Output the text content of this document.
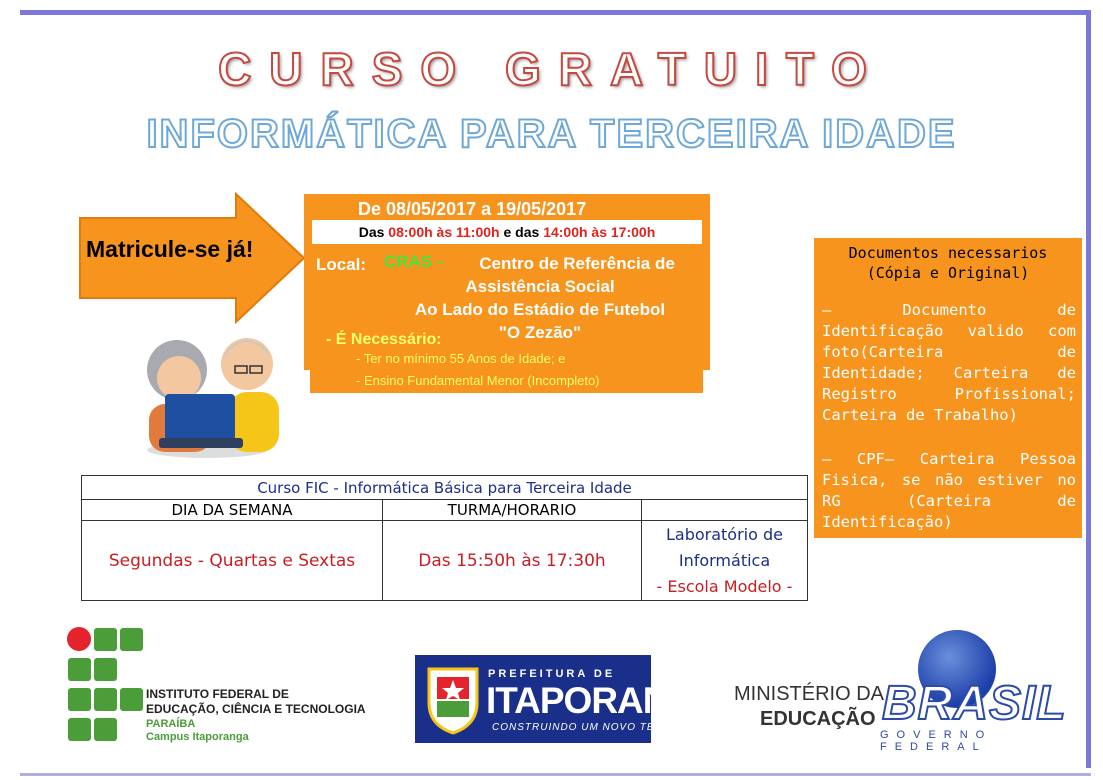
CURSO GRATUITO
INFORMÁTICA PARA TERCEIRA IDADE
Matricule-se já!
De 08/05/2017 a 19/05/2017
Das 08:00h às 11:00h e das 14:00h às 17:00h
Local: CRAS -	Centro de Referência de
Assistência Social
Ao Lado do Estádio de Futebol
"O Zezão"
- É Necessário:
- Ter no mínimo 55 Anos de Idade; e
- Ensino Fundamental Menor (Incompleto)
Documentos necessarios
(Cópia e Original)
– Documento de Identificação valido com foto(Carteira de Identidade; Carteira de Registro Profissional; Carteira de Trabalho)
– CPF– Carteira Pessoa Fisica, se não estiver no RG (Carteira de Identificação)
Curso FIC - Informática Básica para Terceira Idade		
DIA DA SEMANA	TURMA/HORARIO	
Segundas - Quartas e Sextas	Das 15:50h às 17:30h	Laboratório de
Informática
- Escola Modelo -
INSTITUTO FEDERAL DE
EDUCAÇÃO, CIÊNCIA E TECNOLOGIA
PARAÍBA
Campus Itaporanga
PREFEITURA DE
ITAPORANGA
CONSTRUINDO UM NOVO TEMPO
MINISTÉRIO DA
EDUCAÇÃO BRASIL
GOVERNO FEDERAL
